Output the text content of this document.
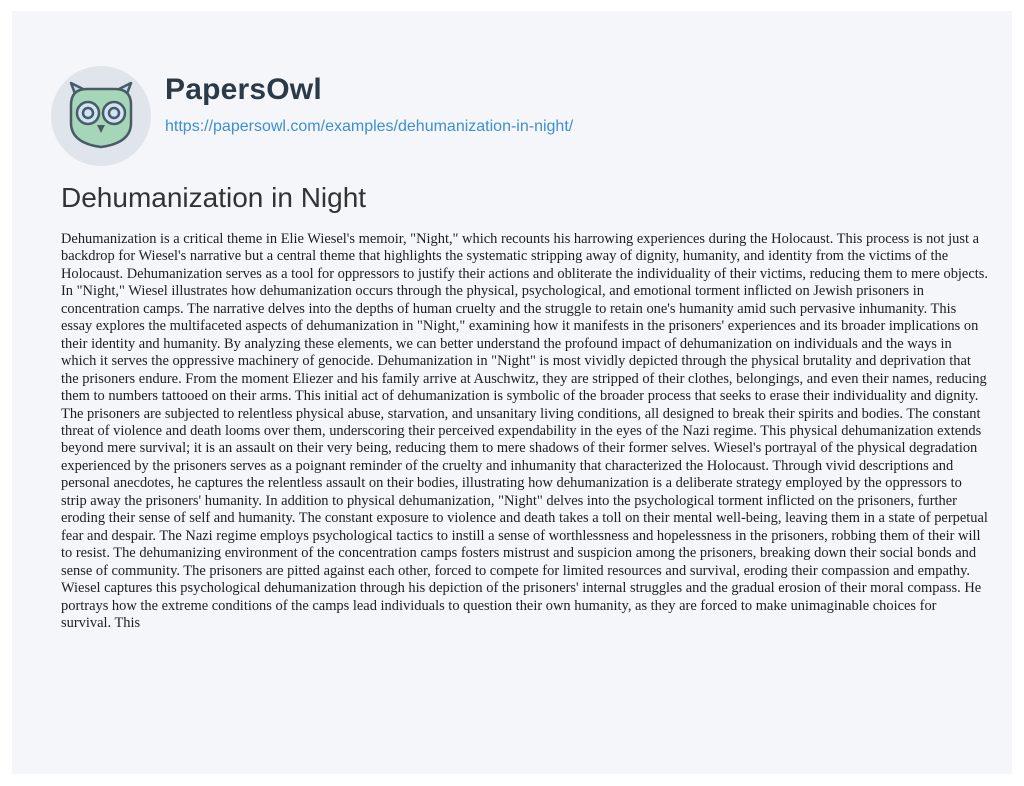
PapersOwl
https://papersowl.com/examples/dehumanization-in-night/
Dehumanization in Night

Dehumanization is a critical theme in Elie Wiesel's memoir, "Night," which recounts his harrowing experiences during the Holocaust. This process is not just a backdrop for Wiesel's narrative but a central theme that highlights the systematic stripping away of dignity, humanity, and identity from the victims of the Holocaust. Dehumanization serves as a tool for oppressors to justify their actions and obliterate the individuality of their victims, reducing them to mere objects. In "Night," Wiesel illustrates how dehumanization occurs through the physical, psychological, and emotional torment inflicted on Jewish prisoners in concentration camps. The narrative delves into the depths of human cruelty and the struggle to retain one's humanity amid such pervasive inhumanity. This essay explores the multifaceted aspects of dehumanization in "Night," examining how it manifests in the prisoners' experiences and its broader implications on their identity and humanity. By analyzing these elements, we can better understand the profound impact of dehumanization on individuals and the ways in which it serves the oppressive machinery of genocide. Dehumanization in "Night" is most vividly depicted through the physical brutality and deprivation that the prisoners endure. From the moment Eliezer and his family arrive at Auschwitz, they are stripped of their clothes, belongings, and even their names, reducing them to numbers tattooed on their arms. This initial act of dehumanization is symbolic of the broader process that seeks to erase their individuality and dignity. The prisoners are subjected to relentless physical abuse, starvation, and unsanitary living conditions, all designed to break their spirits and bodies. The constant threat of violence and death looms over them, underscoring their perceived expendability in the eyes of the Nazi regime. This physical dehumanization extends beyond mere survival; it is an assault on their very being, reducing them to mere shadows of their former selves. Wiesel's portrayal of the physical degradation experienced by the prisoners serves as a poignant reminder of the cruelty and inhumanity that characterized the Holocaust. Through vivid descriptions and personal anecdotes, he captures the relentless assault on their bodies, illustrating how dehumanization is a deliberate strategy employed by the oppressors to strip away the prisoners' humanity. In addition to physical dehumanization, "Night" delves into the psychological torment inflicted on the prisoners, further eroding their sense of self and humanity. The constant exposure to violence and death takes a toll on their mental well-being, leaving them in a state of perpetual fear and despair. The Nazi regime employs psychological tactics to instill a sense of worthlessness and hopelessness in the prisoners, robbing them of their will to resist. The dehumanizing environment of the concentration camps fosters mistrust and suspicion among the prisoners, breaking down their social bonds and sense of community. The prisoners are pitted against each other, forced to compete for limited resources and survival, eroding their compassion and empathy. Wiesel captures this psychological dehumanization through his depiction of the prisoners' internal struggles and the gradual erosion of their moral compass. He portrays how the extreme conditions of the camps lead individuals to question their own humanity, as they are forced to make unimaginable choices for survival. This
